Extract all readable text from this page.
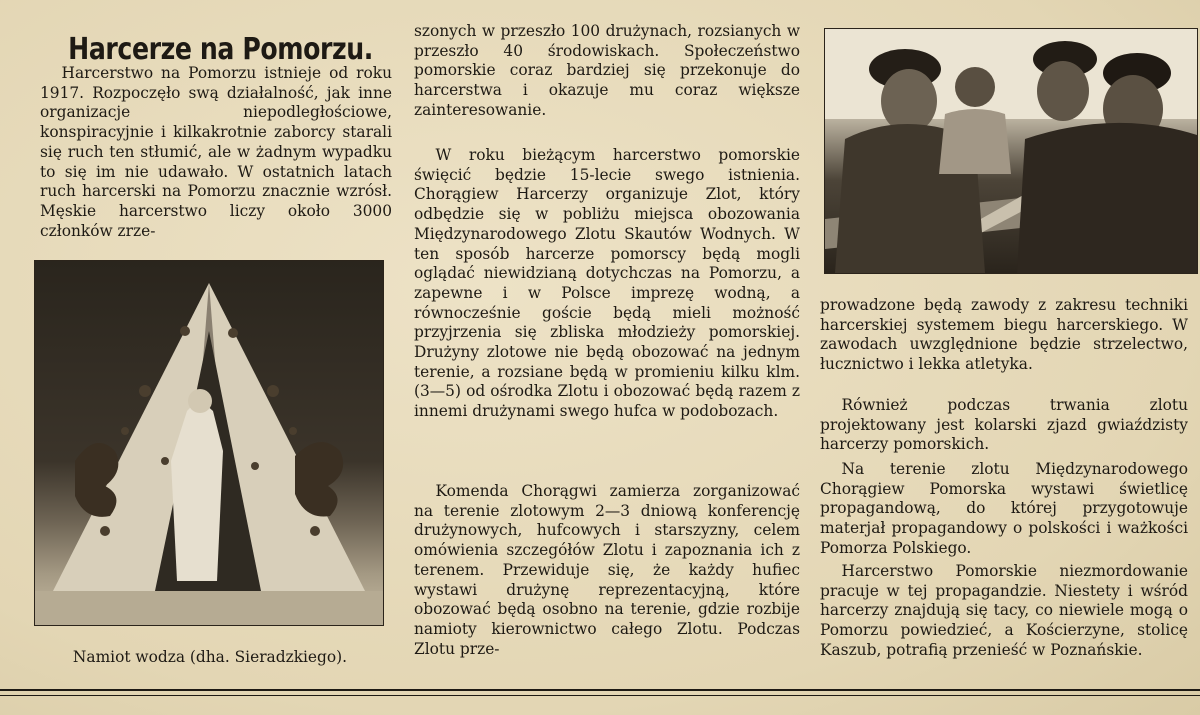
Harcerze na Pomorzu.

Harcerstwo na Pomorzu istnieje od roku 1917. Rozpoczęło swą działalność, jak inne organizacje niepodległościowe, konspiracyjnie i kilkakrotnie zaborcy starali się ruch ten stłumić, ale w żadnym wypadku to się im nie udawało. W ostatnich latach ruch harcerski na Pomorzu znacznie wzrósł. Męskie harcerstwo liczy około 3000 członków zrze-

Namiot wodza (dha. Sieradzkiego).

szonych w przeszło 100 drużynach, rozsianych w przeszło 40 środowiskach. Społeczeństwo pomorskie coraz bardziej się przekonuje do harcerstwa i okazuje mu coraz większe zainteresowanie.

W roku bieżącym harcerstwo pomorskie święcić będzie 15-lecie swego istnienia. Chorągiew Harcerzy organizuje Zlot, który odbędzie się w pobliżu miejsca obozowania Międzynarodowego Zlotu Skautów Wodnych. W ten sposób harcerze pomorscy będą mogli oglądać niewidzianą dotychczas na Pomorzu, a zapewne i w Polsce imprezę wodną, a równocześnie goście będą mieli możność przyjrzenia się zbliska młodzieży pomorskiej. Drużyny zlotowe nie będą obozować na jednym terenie, a rozsiane będą w promieniu kilku klm. (3—5) od ośrodka Zlotu i obozować będą razem z innemi drużynami swego hufca w podobozach.

Komenda Chorągwi zamierza zorganizować na terenie zlotowym 2—3 dniową konferencję drużynowych, hufcowych i starszyzny, celem omówienia szczegółów Zlotu i zapoznania ich z terenem. Przewiduje się, że każdy hufiec wystawi drużynę reprezentacyjną, które obozować będą osobno na terenie, gdzie rozbije namioty kierownictwo całego Zlotu. Podczas Zlotu prze-

prowadzone będą zawody z zakresu techniki harcerskiej systemem biegu harcerskiego. W zawodach uwzględnione będzie strzelectwo, łucznictwo i lekka atletyka.

Również podczas trwania zlotu projektowany jest kolarski zjazd gwiaździsty harcerzy pomorskich.

Na terenie zlotu Międzynarodowego Chorągiew Pomorska wystawi świetlicę propagandową, do której przygotowuje materjał propagandowy o polskości i ważkości Pomorza Polskiego.

Harcerstwo Pomorskie niezmordowanie pracuje w tej propagandzie. Niestety i wśród harcerzy znajdują się tacy, co niewiele mogą o Pomorzu powiedzieć, a Kościerzyne, stolicę Kaszub, potrafią przenieść w Poznańskie.
